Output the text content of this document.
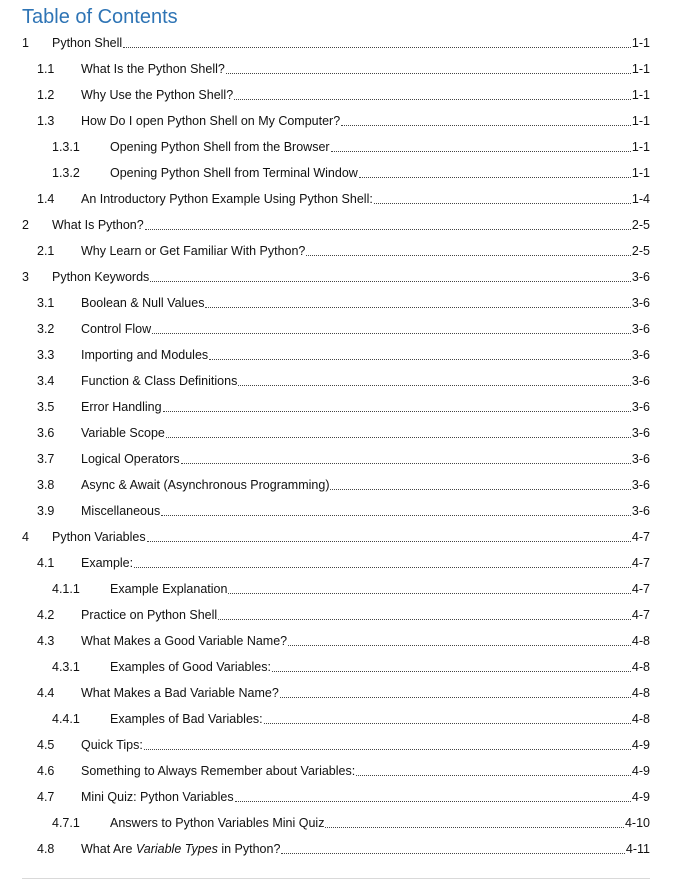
Table of Contents
1 Python Shell	1-1
1.1 What Is the Python Shell?	1-1
1.2 Why Use the Python Shell?	1-1
1.3 How Do I open Python Shell on My Computer?	1-1
1.3.1 Opening Python Shell from the Browser	1-1
1.3.2 Opening Python Shell from Terminal Window	1-1
1.4 An Introductory Python Example Using Python Shell:	1-4
2 What Is Python?	2-5
2.1 Why Learn or Get Familiar With Python?	2-5
3 Python Keywords	3-6
3.1 Boolean & Null Values	3-6
3.2 Control Flow	3-6
3.3 Importing and Modules	3-6
3.4 Function & Class Definitions	3-6
3.5 Error Handling	3-6
3.6 Variable Scope	3-6
3.7 Logical Operators	3-6
3.8 Async & Await (Asynchronous Programming)	3-6
3.9 Miscellaneous	3-6
4 Python Variables	4-7
4.1 Example:	4-7
4.1.1 Example Explanation	4-7
4.2 Practice on Python Shell	4-7
4.3 What Makes a Good Variable Name?	4-8
4.3.1 Examples of Good Variables:	4-8
4.4 What Makes a Bad Variable Name?	4-8
4.4.1 Examples of Bad Variables:	4-8
4.5 Quick Tips:	4-9
4.6 Something to Always Remember about Variables:	4-9
4.7 Mini Quiz: Python Variables	4-9
4.7.1 Answers to Python Variables Mini Quiz	4-10
4.8 What Are Variable Types in Python?	4-11
